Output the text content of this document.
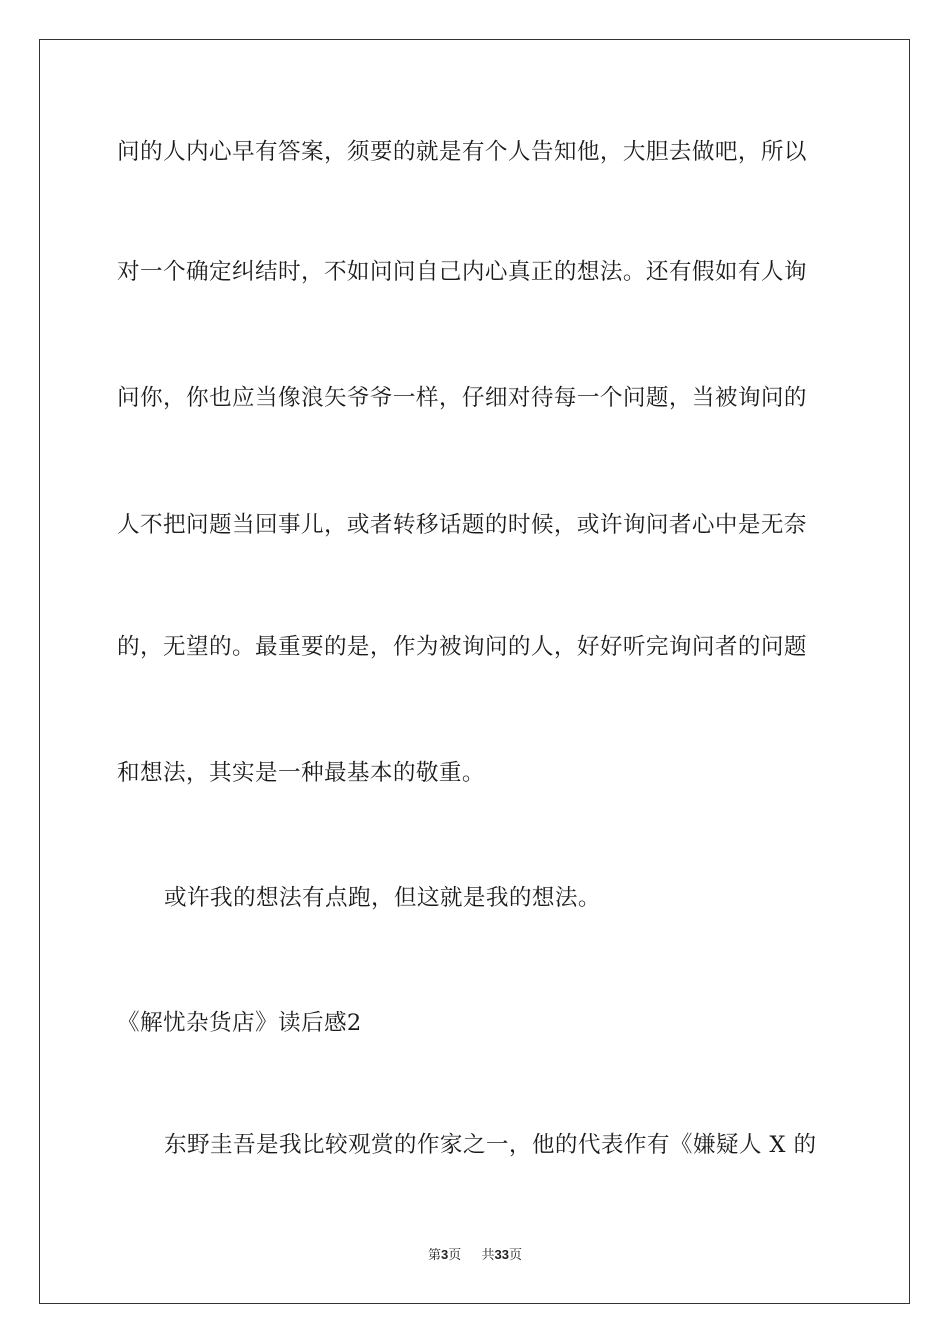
问的人内心早有答案，须要的就是有个人告知他，大胆去做吧，所以
对一个确定纠结时，不如问问自己内心真正的想法。还有假如有人询
问你，你也应当像浪矢爷爷一样，仔细对待每一个问题，当被询问的
人不把问题当回事儿，或者转移话题的时候，或许询问者心中是无奈
的，无望的。最重要的是，作为被询问的人，好好听完询问者的问题
和想法，其实是一种最基本的敬重。
或许我的想法有点跑，但这就是我的想法。
《解忧杂货店》读后感2
东野圭吾是我比较观赏的作家之一，他的代表作有《嫌疑人 X 的
第3页 共33页
